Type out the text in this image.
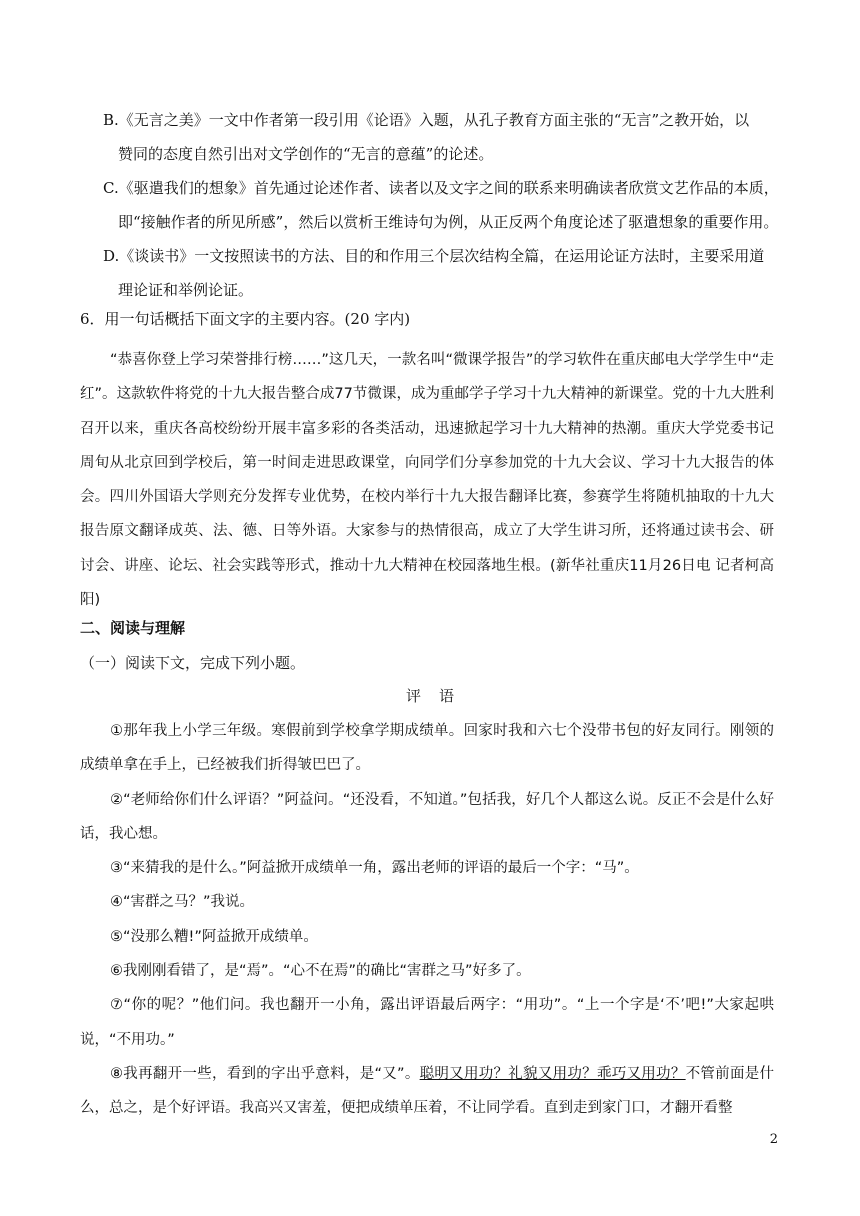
B.《无言之美》一文中作者第一段引用《论语》入题，从孔子教育方面主张的“无言”之教开始，以
赞同的态度自然引出对文学创作的“无言的意蕴”的论述。
C.《驱遣我们的想象》首先通过论述作者、读者以及文字之间的联系来明确读者欣赏文艺作品的本质，
即“接触作者的所见所感”，然后以赏析王维诗句为例，从正反两个角度论述了驱遣想象的重要作用。
D.《谈读书》一文按照读书的方法、目的和作用三个层次结构全篇，在运用论证方法时，主要采用道
理论证和举例论证。
6．用一句话概括下面文字的主要内容。(20 字内)

“恭喜你登上学习荣誉排行榜……”这几天，一款名叫“微课学报告”的学习软件在重庆邮电大学学生中“走红”。这款软件将党的十九大报告整合成77节微课，成为重邮学子学习十九大精神的新课堂。党的十九大胜利召开以来，重庆各高校纷纷开展丰富多彩的各类活动，迅速掀起学习十九大精神的热潮。重庆大学党委书记周旬从北京回到学校后，第一时间走进思政课堂，向同学们分享参加党的十九大会议、学习十九大报告的体会。四川外国语大学则充分发挥专业优势，在校内举行十九大报告翻译比赛，参赛学生将随机抽取的十九大报告原文翻译成英、法、德、日等外语。大家参与的热情很高，成立了大学生讲习所，还将通过读书会、研讨会、讲座、论坛、社会实践等形式，推动十九大精神在校园落地生根。(新华社重庆11月26日电 记者柯高阳)

二、阅读与理解
（一）阅读下文，完成下列小题。
评语

①那年我上小学三年级。寒假前到学校拿学期成绩单。回家时我和六七个没带书包的好友同行。刚领的成绩单拿在手上，已经被我们折得皱巴巴了。

②“老师给你们什么评语？”阿益问。“还没看，不知道。”包括我，好几个人都这么说。反正不会是什么好话，我心想。

③“来猜我的是什么。”阿益掀开成绩单一角，露出老师的评语的最后一个字：“马”。

④“害群之马？”我说。

⑤“没那么糟!”阿益掀开成绩单。

⑥我刚刚看错了，是“焉”。“心不在焉”的确比“害群之马”好多了。

⑦“你的呢？”他们问。我也翻开一小角，露出评语最后两字：“用功”。“上一个字是‘不’吧!”大家起哄说，“不用功。”

⑧我再翻开一些，看到的字出乎意料，是“又”。聪明又用功？礼貌又用功？乖巧又用功？不管前面是什么，总之，是个好评语。我高兴又害羞，便把成绩单压着，不让同学看。直到走到家门口，才翻开看整

2
